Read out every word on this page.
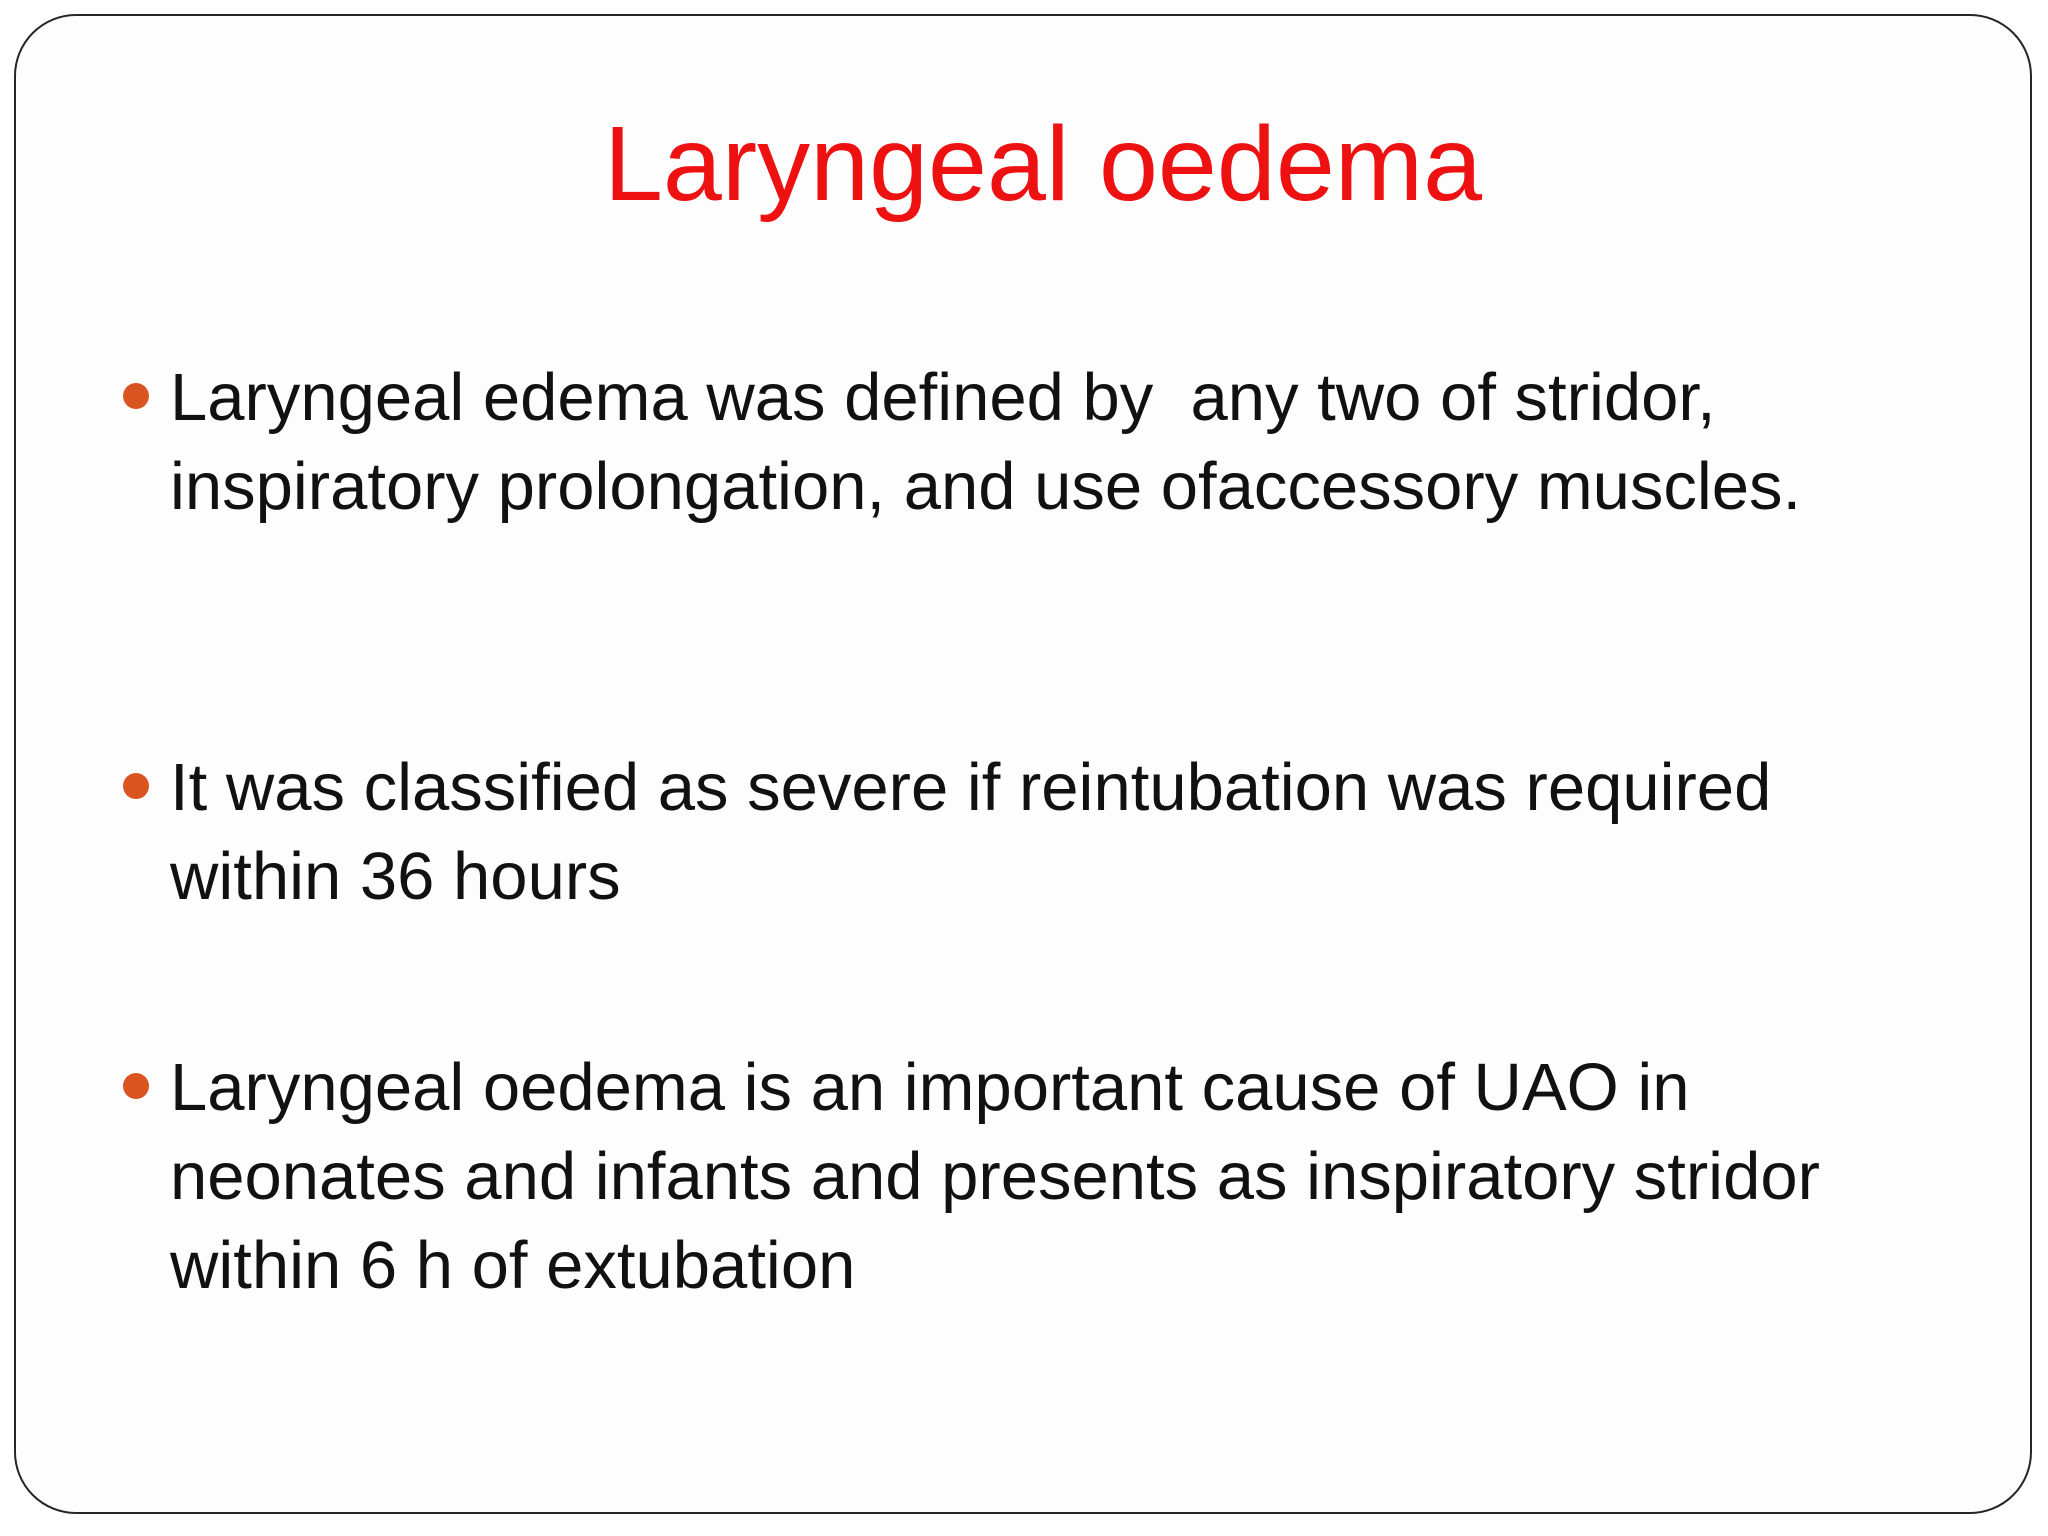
Laryngeal oedema
Laryngeal edema was defined by  any two of stridor, inspiratory prolongation, and use ofaccessory muscles.
It was classified as severe if reintubation was required within 36 hours
Laryngeal oedema is an important cause of UAO in neonates and infants and presents as inspiratory stridor within 6 h of extubation
